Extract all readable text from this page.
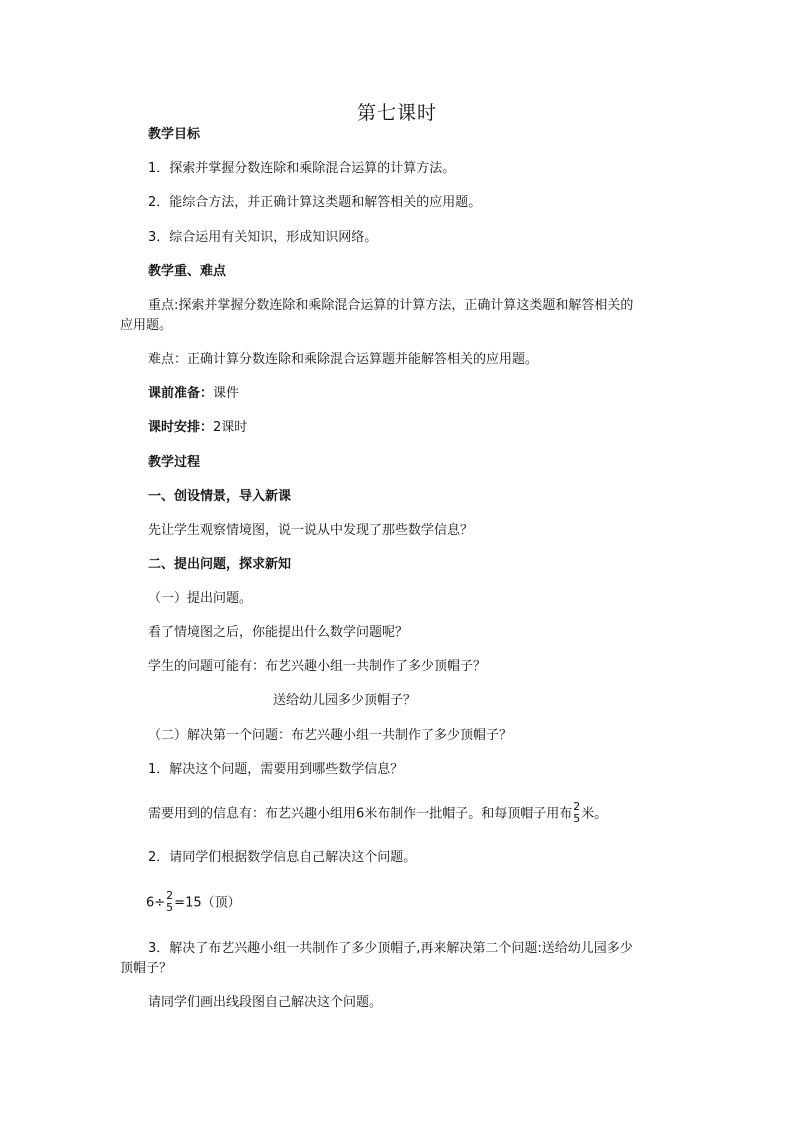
第七课时
教学目标
1．探索并掌握分数连除和乘除混合运算的计算方法。
2．能综合方法，并正确计算这类题和解答相关的应用题。
3．综合运用有关知识，形成知识网络。
教学重、难点
重点:探索并掌握分数连除和乘除混合运算的计算方法，正确计算这类题和解答相关的
应用题。
难点：正确计算分数连除和乘除混合运算题并能解答相关的应用题。
课前准备：课件
课时安排：2课时
教学过程
一、创设情景，导入新课
先让学生观察情境图，说一说从中发现了那些数学信息？
二、提出问题，探求新知
（一）提出问题。
看了情境图之后，你能提出什么数学问题呢？
学生的问题可能有：布艺兴趣小组一共制作了多少顶帽子？
送给幼儿园多少顶帽子？
（二）解决第一个问题：布艺兴趣小组一共制作了多少顶帽子？
1．解决这个问题，需要用到哪些数学信息？
需要用到的信息有：布艺兴趣小组用6米布制作一批帽子。和每顶帽子用布 2
5 米。
2．请同学们根据数学信息自己解决这个问题。
6÷ 2
5 =15（顶）
3．解决了布艺兴趣小组一共制作了多少顶帽子,再来解决第二个问题:送给幼儿园多少
顶帽子？
请同学们画出线段图自己解决这个问题。
